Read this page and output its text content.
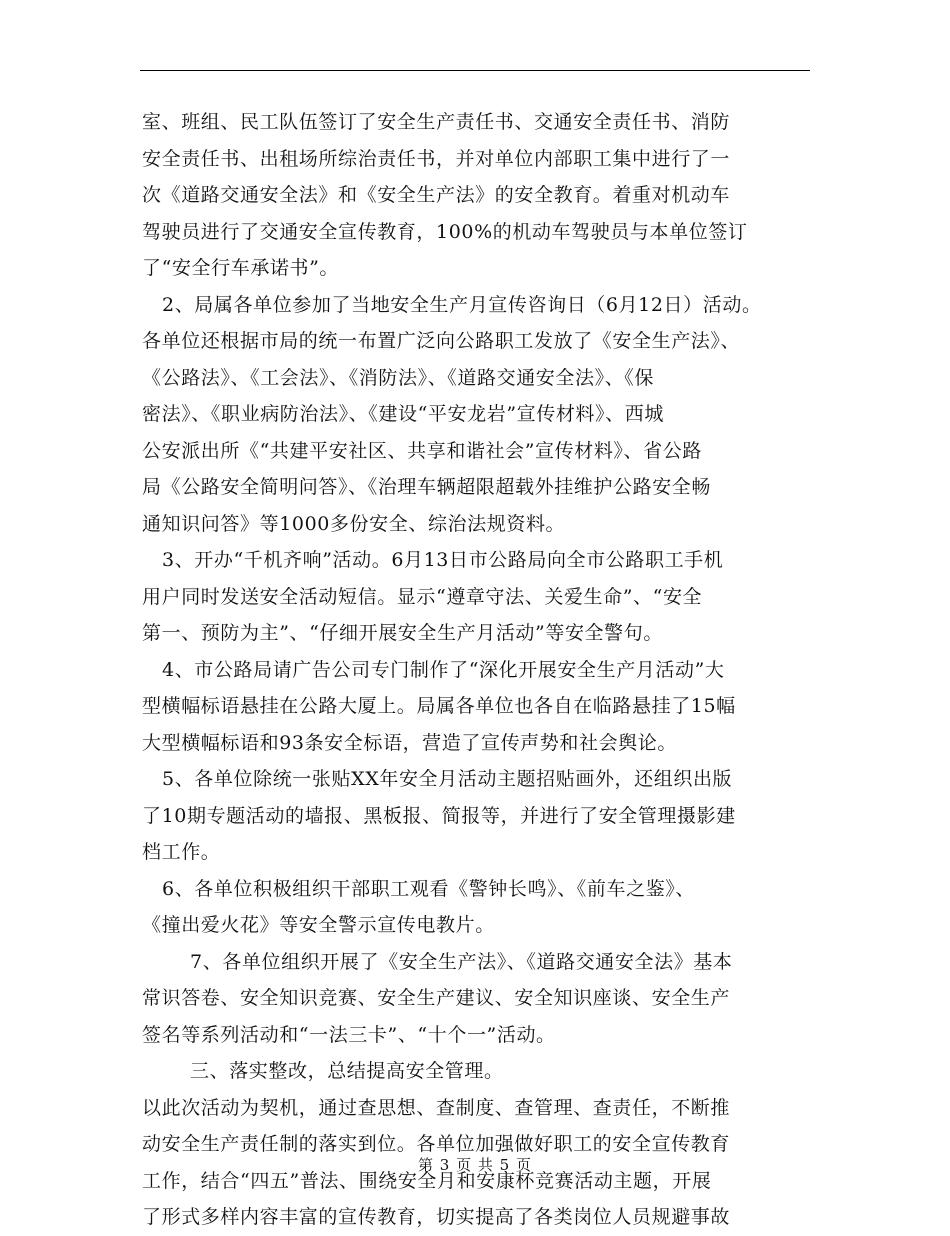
室、班组、民工队伍签订了安全生产责任书、交通安全责任书、消防
安全责任书、出租场所综治责任书，并对单位内部职工集中进行了一
次《道路交通安全法》和《安全生产法》的安全教育。着重对机动车
驾驶员进行了交通安全宣传教育，100%的机动车驾驶员与本单位签订
了“安全行车承诺书”。
2、局属各单位参加了当地安全生产月宣传咨询日（6月12日）活动。
各单位还根据市局的统一布置广泛向公路职工发放了《安全生产法》、
《公路法》、《工会法》、《消防法》、《道路交通安全法》、《保
密法》、《职业病防治法》、《建设“平安龙岩”宣传材料》、西城
公安派出所《“共建平安社区、共享和谐社会”宣传材料》、省公路
局《公路安全简明问答》、《治理车辆超限超载外挂维护公路安全畅
通知识问答》等1000多份安全、综治法规资料。
3、开办“千机齐响”活动。6月13日市公路局向全市公路职工手机
用户同时发送安全活动短信。显示“遵章守法、关爱生命”、“安全
第一、预防为主”、“仔细开展安全生产月活动”等安全警句。
4、市公路局请广告公司专门制作了“深化开展安全生产月活动”大
型横幅标语悬挂在公路大厦上。局属各单位也各自在临路悬挂了15幅
大型横幅标语和93条安全标语，营造了宣传声势和社会舆论。
5、各单位除统一张贴XX年安全月活动主题招贴画外，还组织出版
了10期专题活动的墙报、黑板报、简报等，并进行了安全管理摄影建
档工作。
6、各单位积极组织干部职工观看《警钟长鸣》、《前车之鉴》、
《撞出爱火花》等安全警示宣传电教片。
7、各单位组织开展了《安全生产法》、《道路交通安全法》基本
常识答卷、安全知识竞赛、安全生产建议、安全知识座谈、安全生产
签名等系列活动和“一法三卡”、“十个一”活动。
三、落实整改，总结提高安全管理。
以此次活动为契机，通过查思想、查制度、查管理、查责任，不断推
动安全生产责任制的落实到位。各单位加强做好职工的安全宣传教育
工作，结合“四五”普法、围绕安全月和安康杯竞赛活动主题，开展
了形式多样内容丰富的宣传教育，切实提高了各类岗位人员规避事故
第 3 页 共 5 页
